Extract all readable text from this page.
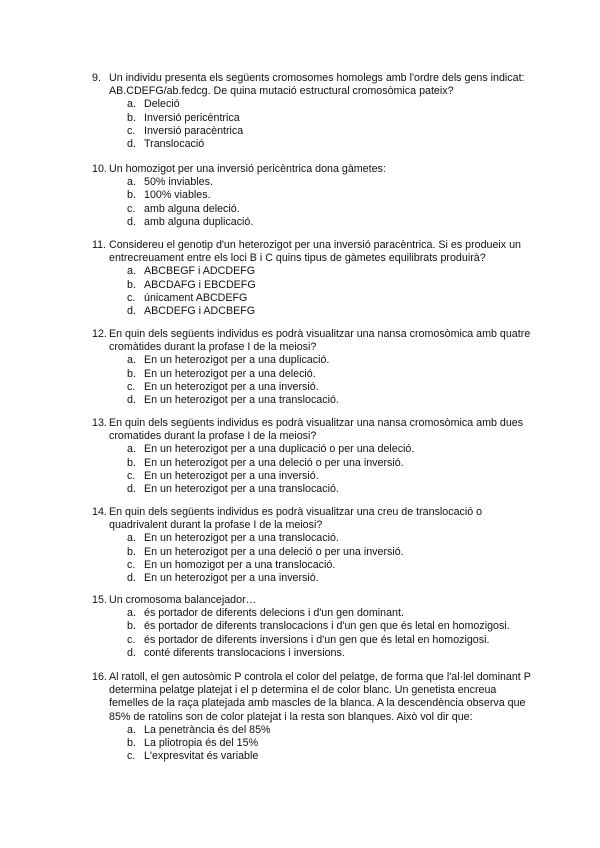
9. Un individu presenta els següents cromosomes homolegs amb l'ordre dels gens indicat: AB.CDEFG/ab.fedcg. De quina mutació estructural cromosòmica pateix?
a. Deleció
b. Inversió pericèntrica
c. Inversió paracèntrica
d. Translocació
10. Un homozigot per una inversió pericèntrica dona gàmetes:
a. 50% inviables.
b. 100% viables.
c. amb alguna deleció.
d. amb alguna duplicació.
11. Considereu el genotip d'un heterozigot per una inversió paracèntrica. Si es produeix un entrecreuament entre els loci B i C quins tipus de gàmetes equilibrats produirà?
a. ABCBEGF i ADCDEFG
b. ABCDAFG i EBCDEFG
c. únicament ABCDEFG
d. ABCDEFG i ADCBEFG
12. En quin dels següents individus es podrà visualitzar una nansa cromosòmica amb quatre cromàtides durant la profase I de la meiosi?
a. En un heterozigot per a una duplicació.
b. En un heterozigot per a una deleció.
c. En un heterozigot per a una inversió.
d. En un heterozigot per a una translocació.
13. En quin dels següents individus es podrà visualitzar una nansa cromosòmica amb dues cromatides durant la profase I de la meiosi?
a. En un heterozigot per a una duplicació o per una deleció.
b. En un heterozigot per a una deleció o per una inversió.
c. En un heterozigot per a una inversió.
d. En un heterozigot per a una translocació.
14. En quin dels següents individus es podrà visualitzar una creu de translocació o quadrivalent durant la profase I de la meiosi?
a. En un heterozigot per a una translocació.
b. En un heterozigot per a una deleció o per una inversió.
c. En un homozigot per a una translocació.
d. En un heterozigot per a una inversió.
15. Un cromosoma balancejador…
a. és portador de diferents delecions i d'un gen dominant.
b. és portador de diferents translocacions i d'un gen que és letal en homozigosi.
c. és portador de diferents inversions i d'un gen que és letal en homozigosi.
d. conté diferents translocacions i inversions.
16. Al ratoll, el gen autosòmic P controla el color del pelatge, de forma que l'al·lel dominant P determina pelatge platejat i el p determina el de color blanc. Un genetista encreua femelles de la raça platejada amb mascles de la blanca. A la descendència observa que 85% de ratolins son de color platejat i la resta son blanques. Això vol dir que:
a. La penetrància és del 85%
b. La pliotropia és del 15%
c. L'expresvitat és variable
